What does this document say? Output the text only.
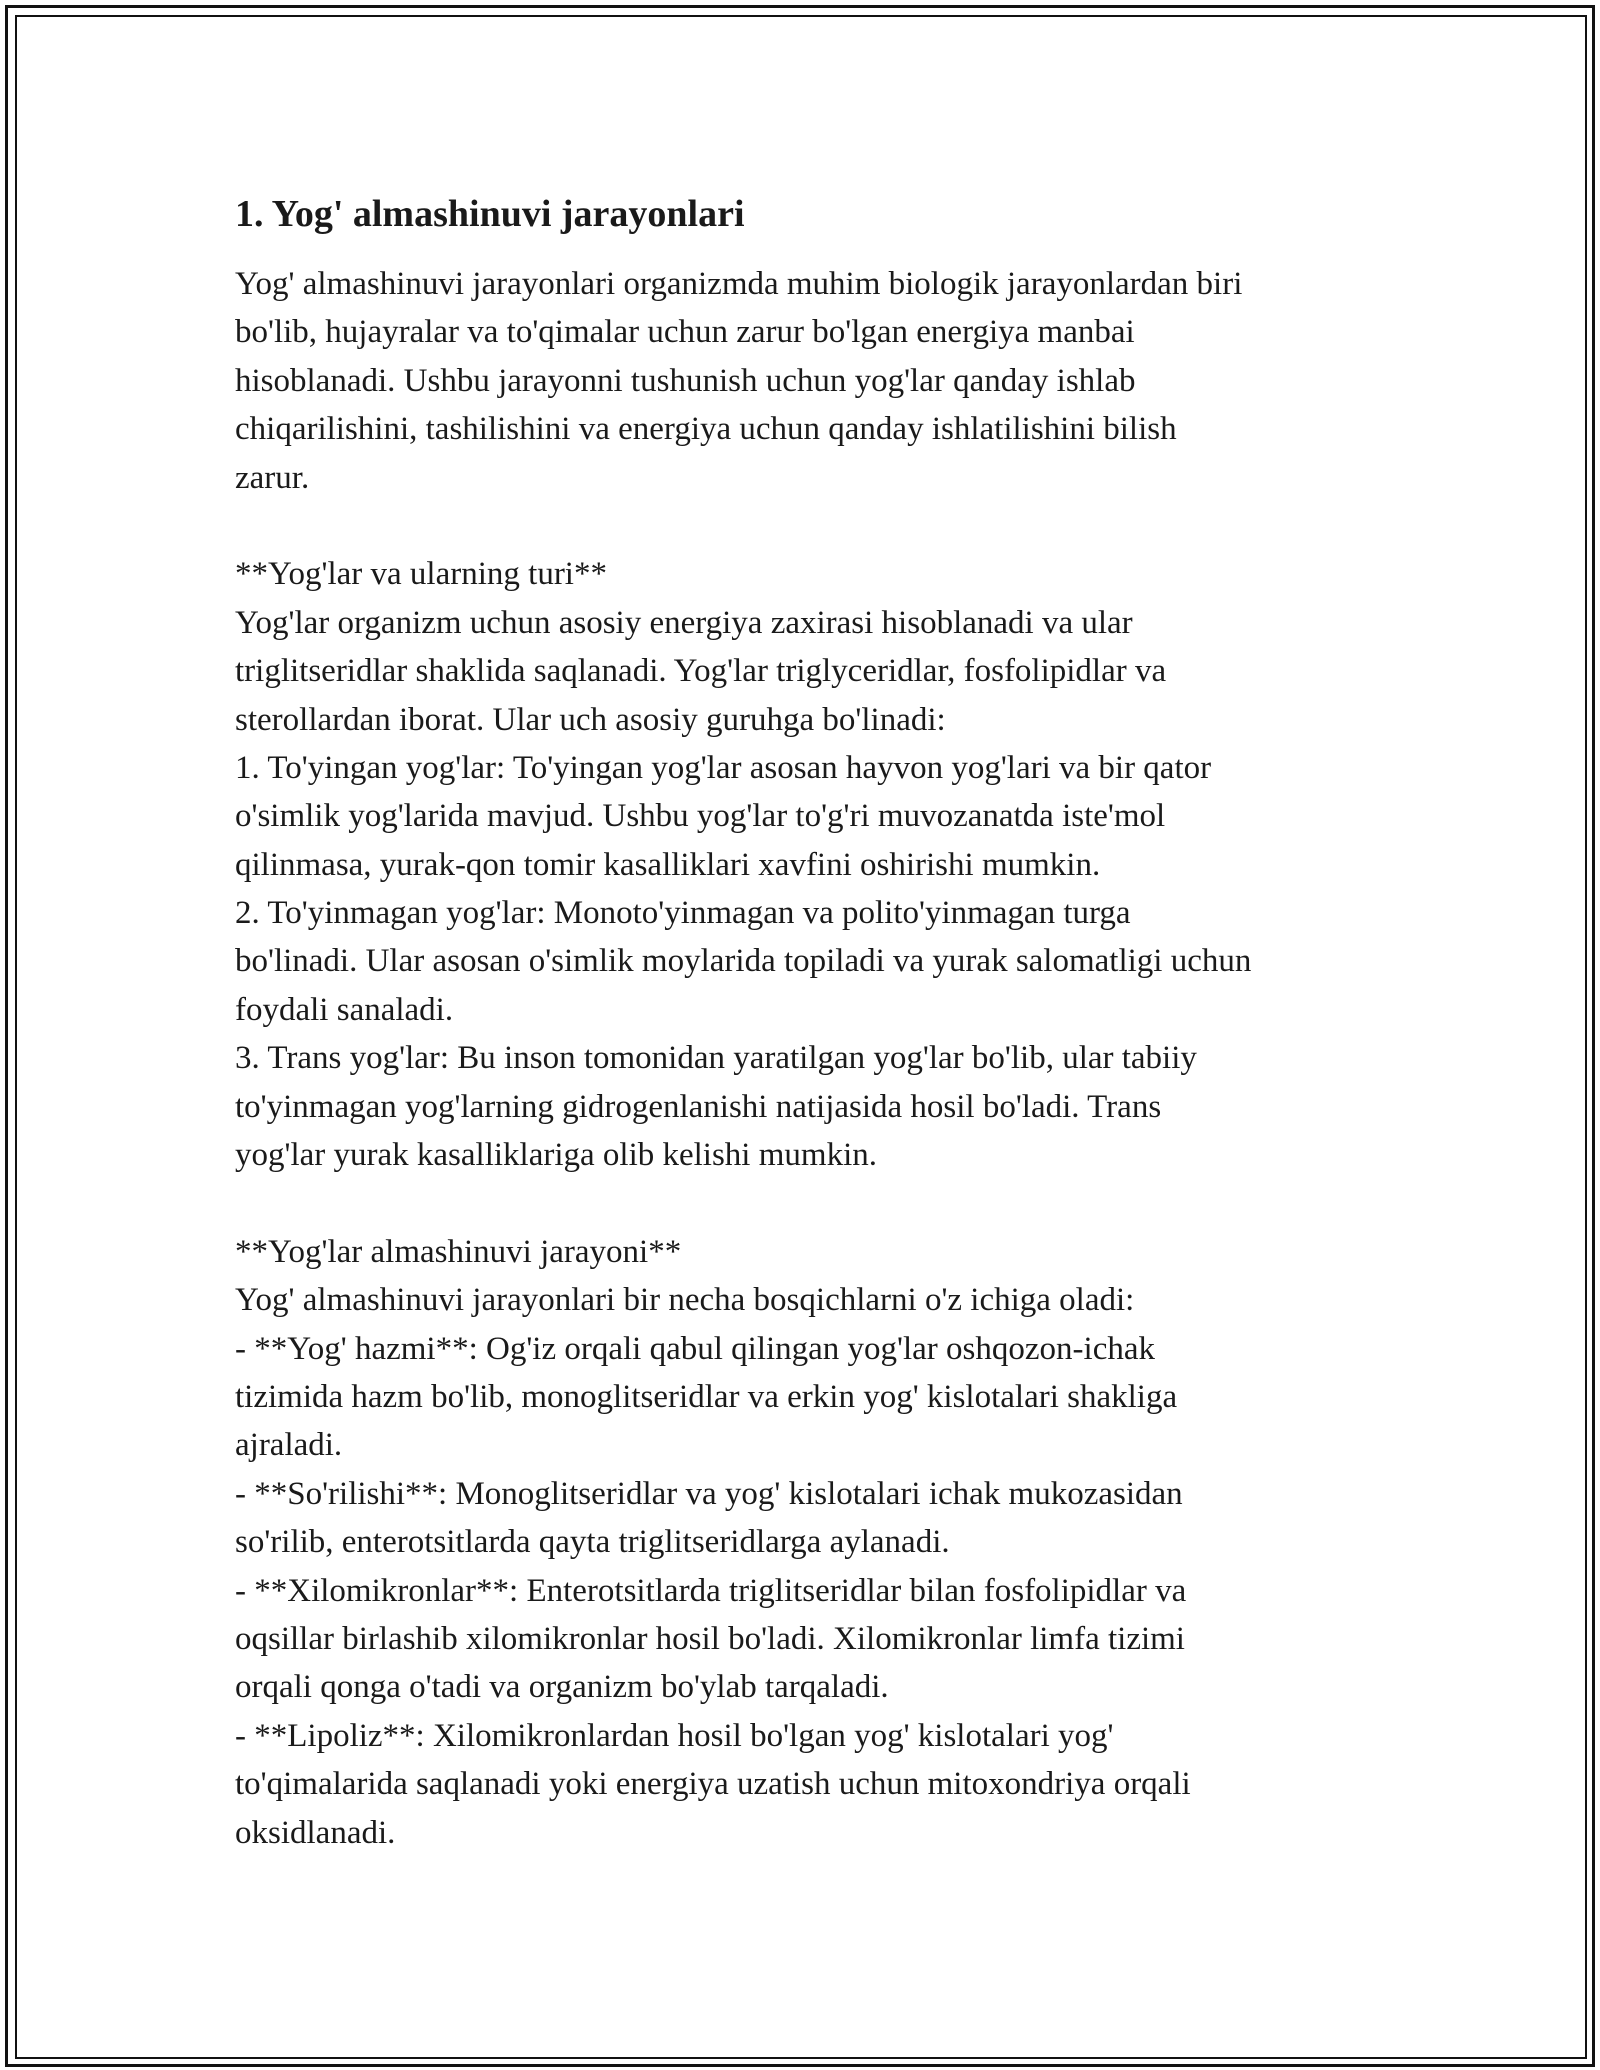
1. Yog' almashinuvi jarayonlari
Yog' almashinuvi jarayonlari organizmda muhim biologik jarayonlardan biri
bo'lib, hujayralar va to'qimalar uchun zarur bo'lgan energiya manbai
hisoblanadi. Ushbu jarayonni tushunish uchun yog'lar qanday ishlab
chiqarilishini, tashilishini va energiya uchun qanday ishlatilishini bilish
zarur.
**Yog'lar va ularning turi**
Yog'lar organizm uchun asosiy energiya zaxirasi hisoblanadi va ular
triglitseridlar shaklida saqlanadi. Yog'lar triglyceridlar, fosfolipidlar va
sterollardan iborat. Ular uch asosiy guruhga bo'linadi:
1. To'yingan yog'lar: To'yingan yog'lar asosan hayvon yog'lari va bir qator
o'simlik yog'larida mavjud. Ushbu yog'lar to'g'ri muvozanatda iste'mol
qilinmasa, yurak-qon tomir kasalliklari xavfini oshirishi mumkin.
2. To'yinmagan yog'lar: Monoto'yinmagan va polito'yinmagan turga
bo'linadi. Ular asosan o'simlik moylarida topiladi va yurak salomatligi uchun
foydali sanaladi.
3. Trans yog'lar: Bu inson tomonidan yaratilgan yog'lar bo'lib, ular tabiiy
to'yinmagan yog'larning gidrogenlanishi natijasida hosil bo'ladi. Trans
yog'lar yurak kasalliklariga olib kelishi mumkin.
**Yog'lar almashinuvi jarayoni**
Yog' almashinuvi jarayonlari bir necha bosqichlarni o'z ichiga oladi:
- **Yog' hazmi**: Og'iz orqali qabul qilingan yog'lar oshqozon-ichak
tizimida hazm bo'lib, monoglitseridlar va erkin yog' kislotalari shakliga
ajraladi.
- **So'rilishi**: Monoglitseridlar va yog' kislotalari ichak mukozasidan
so'rilib, enterotsitlarda qayta triglitseridlarga aylanadi.
- **Xilomikronlar**: Enterotsitlarda triglitseridlar bilan fosfolipidlar va
oqsillar birlashib xilomikronlar hosil bo'ladi. Xilomikronlar limfa tizimi
orqali qonga o'tadi va organizm bo'ylab tarqaladi.
- **Lipoliz**: Xilomikronlardan hosil bo'lgan yog' kislotalari yog'
to'qimalarida saqlanadi yoki energiya uzatish uchun mitoxondriya orqali
oksidlanadi.
